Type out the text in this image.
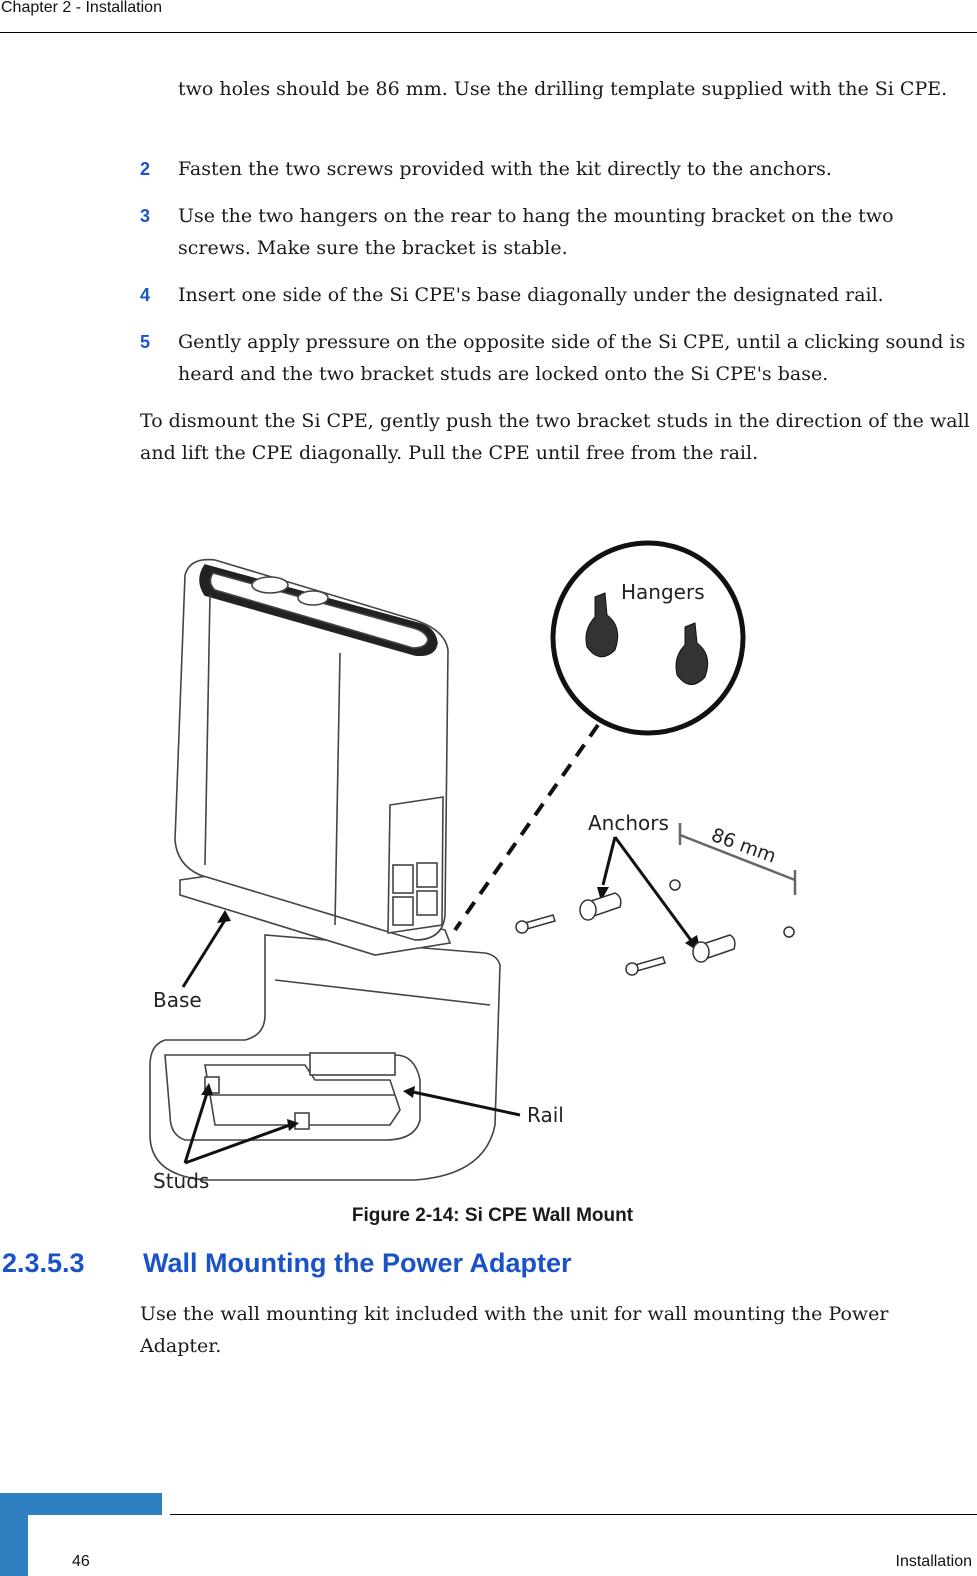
Chapter 2 - Installation
two holes should be 86 mm. Use the drilling template supplied with the Si CPE.
2 Fasten the two screws provided with the kit directly to the anchors.
3 Use the two hangers on the rear to hang the mounting bracket on the two screws. Make sure the bracket is stable.
4 Insert one side of the Si CPE's base diagonally under the designated rail.
5 Gently apply pressure on the opposite side of the Si CPE, until a clicking sound is heard and the two bracket studs are locked onto the Si CPE's base.
To dismount the Si CPE, gently push the two bracket studs in the direction of the wall and lift the CPE diagonally. Pull the CPE until free from the rail.
Hangers
Anchors
86 mm
Base
Rail
Studs
Figure 2-14: Si CPE Wall Mount
2.3.5.3 Wall Mounting the Power Adapter
Use the wall mounting kit included with the unit for wall mounting the Power Adapter.
46	Installation
